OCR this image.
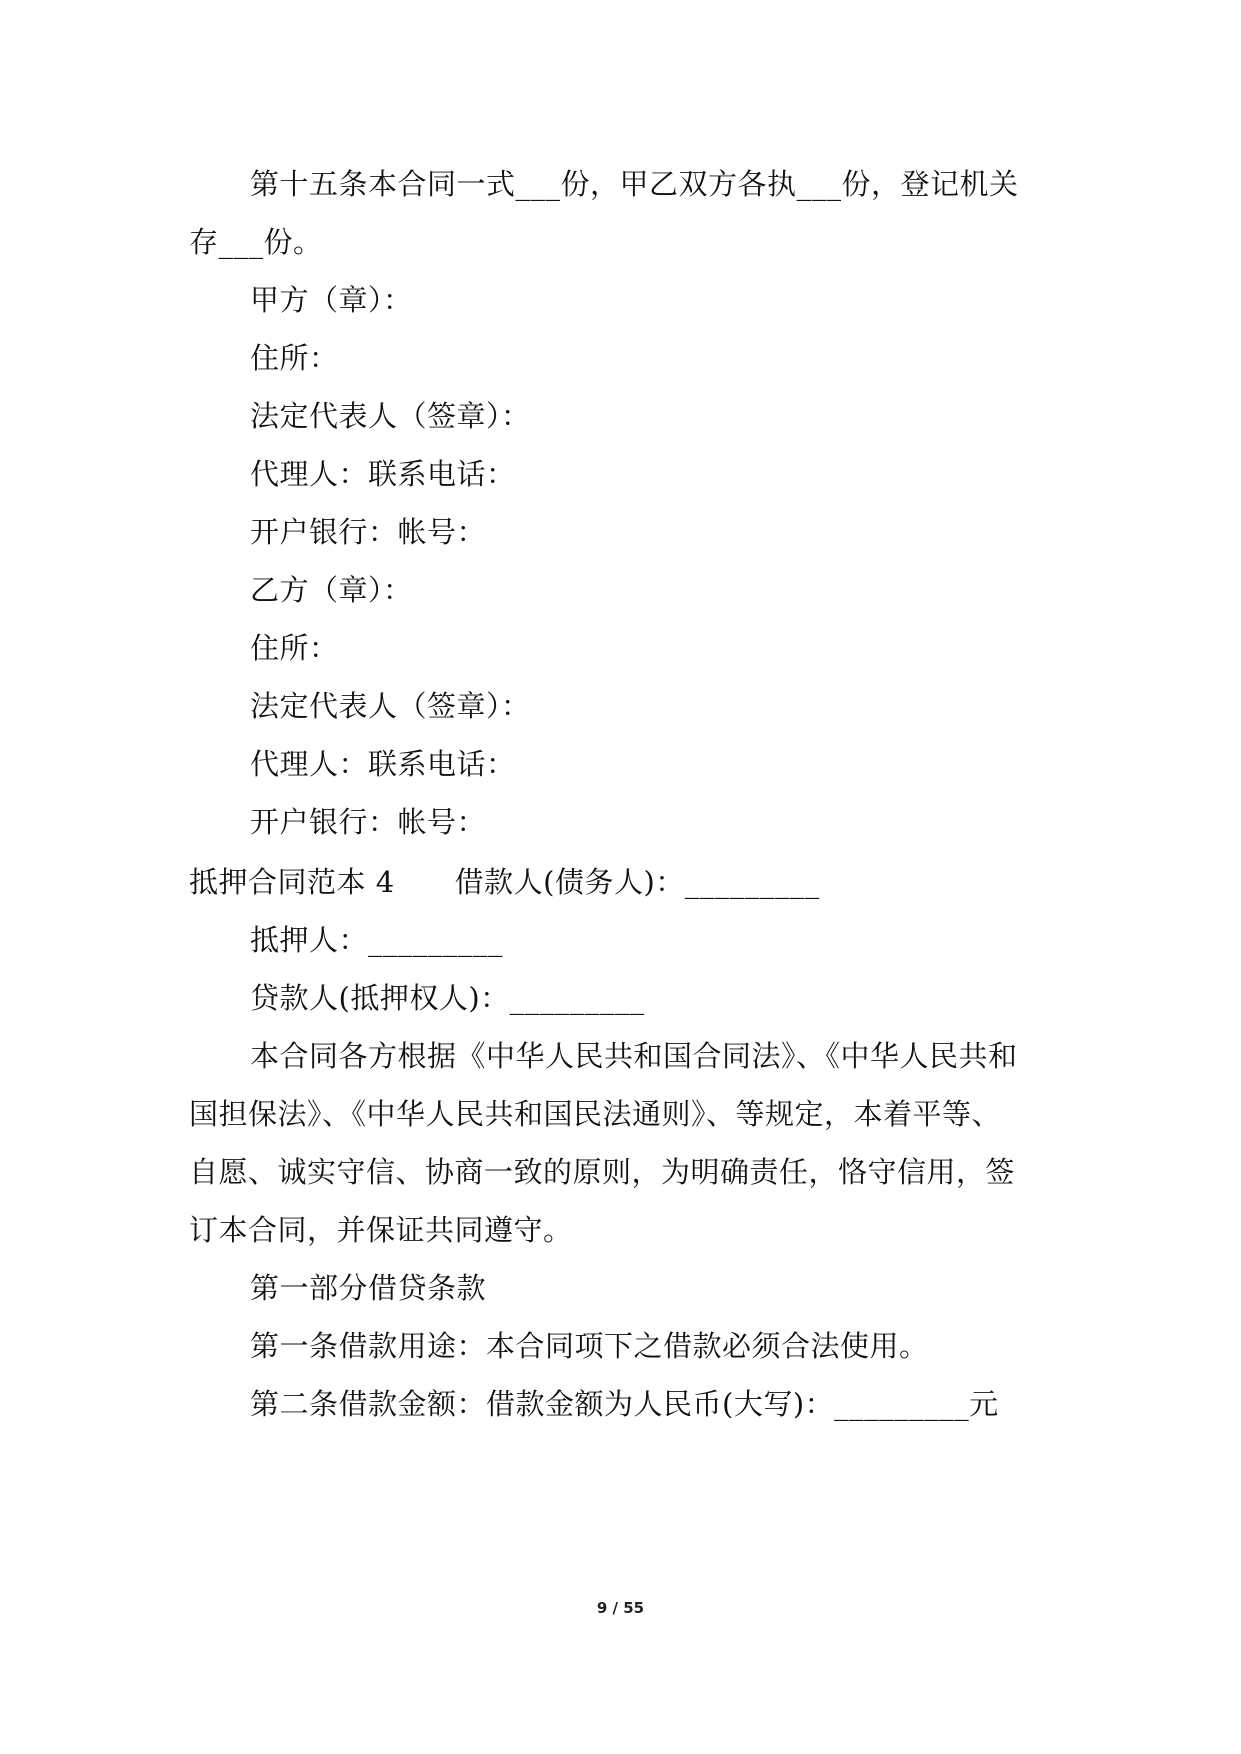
第十五条本合同一式___份，甲乙双方各执___份，登记机关
存___份。
甲方（章）：
住所：
法定代表人（签章）：
代理人：联系电话：
开户银行：帐号：
乙方（章）：
住所：
法定代表人（签章）：
代理人：联系电话：
开户银行：帐号：
抵押合同范本 4 借款人(债务人)：_________
抵押人：_________
贷款人(抵押权人)：_________
本合同各方根据《中华人民共和国合同法》、《中华人民共和
国担保法》、《中华人民共和国民法通则》、等规定，本着平等、
自愿、诚实守信、协商一致的原则，为明确责任，恪守信用，签
订本合同，并保证共同遵守。
第一部分借贷条款
第一条借款用途：本合同项下之借款必须合法使用。
第二条借款金额：借款金额为人民币(大写)：_________元
9 / 55
